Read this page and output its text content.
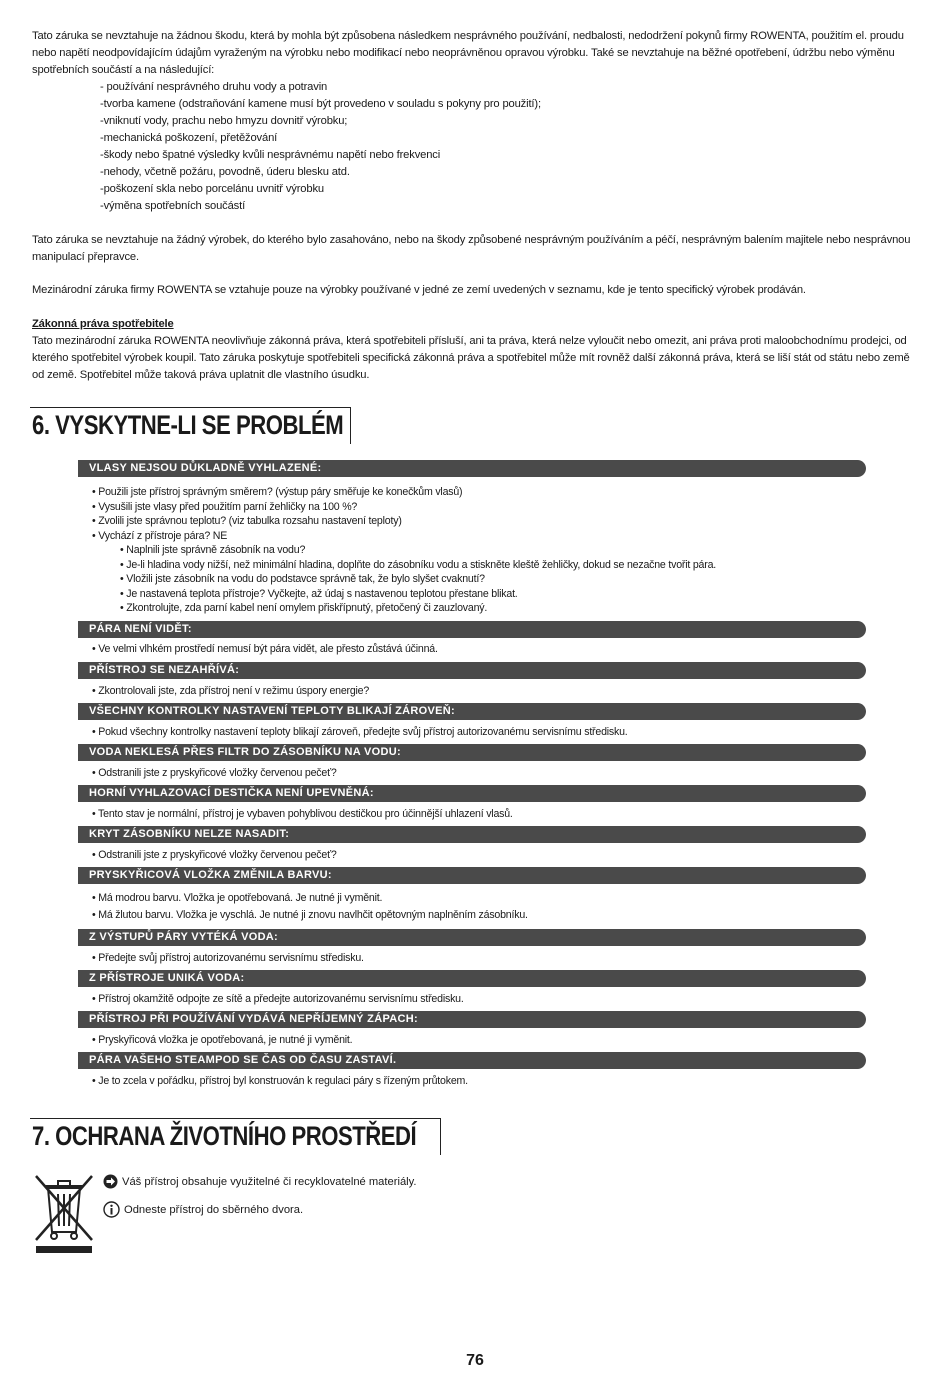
Tato záruka se nevztahuje na žádnou škodu, která by mohla být způsobena následkem nesprávného používání, nedbalosti, nedodržení pokynů firmy ROWENTA, použitím el. proudu nebo napětí neodpovídajícím údajům vyraženým na výrobku nebo modifikací nebo neoprávněnou opravou výrobku. Také se nevztahuje na běžné opotřebení, údržbu nebo výměnu spotřebních součástí a na následující:
- používání nesprávného druhu vody a potravin
-tvorba kamene (odstraňování kamene musí být provedeno v souladu s pokyny pro použití);
-vniknutí vody, prachu nebo hmyzu dovnitř výrobku;
-mechanická poškození, přetěžování
-škody nebo špatné výsledky kvůli nesprávnému napětí nebo frekvenci
-nehody, včetně požáru, povodně, úderu blesku atd.
-poškození skla nebo porcelánu uvnitř výrobku
-výměna spotřebních součástí
Tato záruka se nevztahuje na žádný výrobek, do kterého bylo zasahováno, nebo na škody způsobené nesprávným používáním a péčí, nesprávným balením majitele nebo nesprávnou manipulací přepravce.
Mezinárodní záruka firmy ROWENTA se vztahuje pouze na výrobky používané v jedné ze zemí uvedených v seznamu, kde je tento specifický výrobek prodáván.
Zákonná práva spotřebitele
Tato mezinárodní záruka ROWENTA neovlivňuje zákonná práva, která spotřebiteli přísluší, ani ta práva, která nelze vyloučit nebo omezit, ani práva proti maloobchodnímu prodejci, od kterého spotřebitel výrobek koupil. Tato záruka poskytuje spotřebiteli specifická zákonná práva a spotřebitel může mít rovněž další zákonná práva, která se liší stát od státu nebo země od země. Spotřebitel může taková práva uplatnit dle vlastního úsudku.
6. VYSKYTNE-LI SE PROBLÉM
VLASY NEJSOU DŮKLADNĚ VYHLAZENÉ:
• Použili jste přístroj správným směrem? (výstup páry směřuje ke konečkům vlasů)
• Vysušili jste vlasy před použitím parní žehličky na 100 %?
• Zvolili jste správnou teplotu? (viz tabulka rozsahu nastavení teploty)
• Vychází z přístroje pára? NE
• Naplnili jste správně zásobník na vodu?
• Je-li hladina vody nižší, než minimální hladina, doplňte do zásobníku vodu a stiskněte kleště žehličky, dokud se nezačne tvořit pára.
• Vložili jste zásobník na vodu do podstavce správně tak, že bylo slyšet cvaknutí?
• Je nastavená teplota přístroje? Vyčkejte, až údaj s nastavenou teplotou přestane blikat.
• Zkontrolujte, zda parní kabel není omylem přiskřípnutý, přetočený či zauzlovaný.
PÁRA NENÍ VIDĚT:
• Ve velmi vlhkém prostředí nemusí být pára vidět, ale přesto zůstává účinná.
PŘÍSTROJ SE NEZAHŘÍVÁ:
• Zkontrolovali jste, zda přístroj není v režimu úspory energie?
VŠECHNY KONTROLKY NASTAVENÍ TEPLOTY BLIKAJÍ ZÁROVEŇ:
• Pokud všechny kontrolky nastavení teploty blikají zároveň, předejte svůj přístroj autorizovanému servisnímu středisku.
VODA NEKLESÁ PŘES FILTR DO ZÁSOBNÍKU NA VODU:
• Odstranili jste z pryskyřicové vložky červenou pečeť?
HORNÍ VYHLAZOVACÍ DESTIČKA NENÍ UPEVNĚNÁ:
• Tento stav je normální, přístroj je vybaven pohyblivou destičkou pro účinnější uhlazení vlasů.
KRYT ZÁSOBNÍKU NELZE NASADIT:
• Odstranili jste z pryskyřicové vložky červenou pečeť?
PRYSKYŘICOVÁ VLOŽKA ZMĚNILA BARVU:
• Má modrou barvu. Vložka je opotřebovaná. Je nutné ji vyměnit.
• Má žlutou barvu. Vložka je vyschlá. Je nutné ji znovu navlhčit opětovným naplněním zásobníku.
Z VÝSTUPŮ PÁRY VYTÉKÁ VODA:
• Předejte svůj přístroj autorizovanému servisnímu středisku.
Z PŘÍSTROJE UNIKÁ VODA:
• Přístroj okamžitě odpojte ze sítě a předejte autorizovanému servisnímu středisku.
PŘÍSTROJ PŘI POUŽÍVÁNÍ VYDÁVÁ NEPŘÍJEMNÝ ZÁPACH:
• Pryskyřicová vložka je opotřebovaná, je nutné ji vyměnit.
PÁRA VAŠEHO STEAMPOD SE ČAS OD ČASU ZASTAVÍ.
• Je to zcela v pořádku, přístroj byl konstruován k regulaci páry s řízeným průtokem.
7. OCHRANA ŽIVOTNÍHO PROSTŘEDÍ
Váš přístroj obsahuje využitelné či recyklovatelné materiály.
Odneste přístroj do sběrného dvora.
76
